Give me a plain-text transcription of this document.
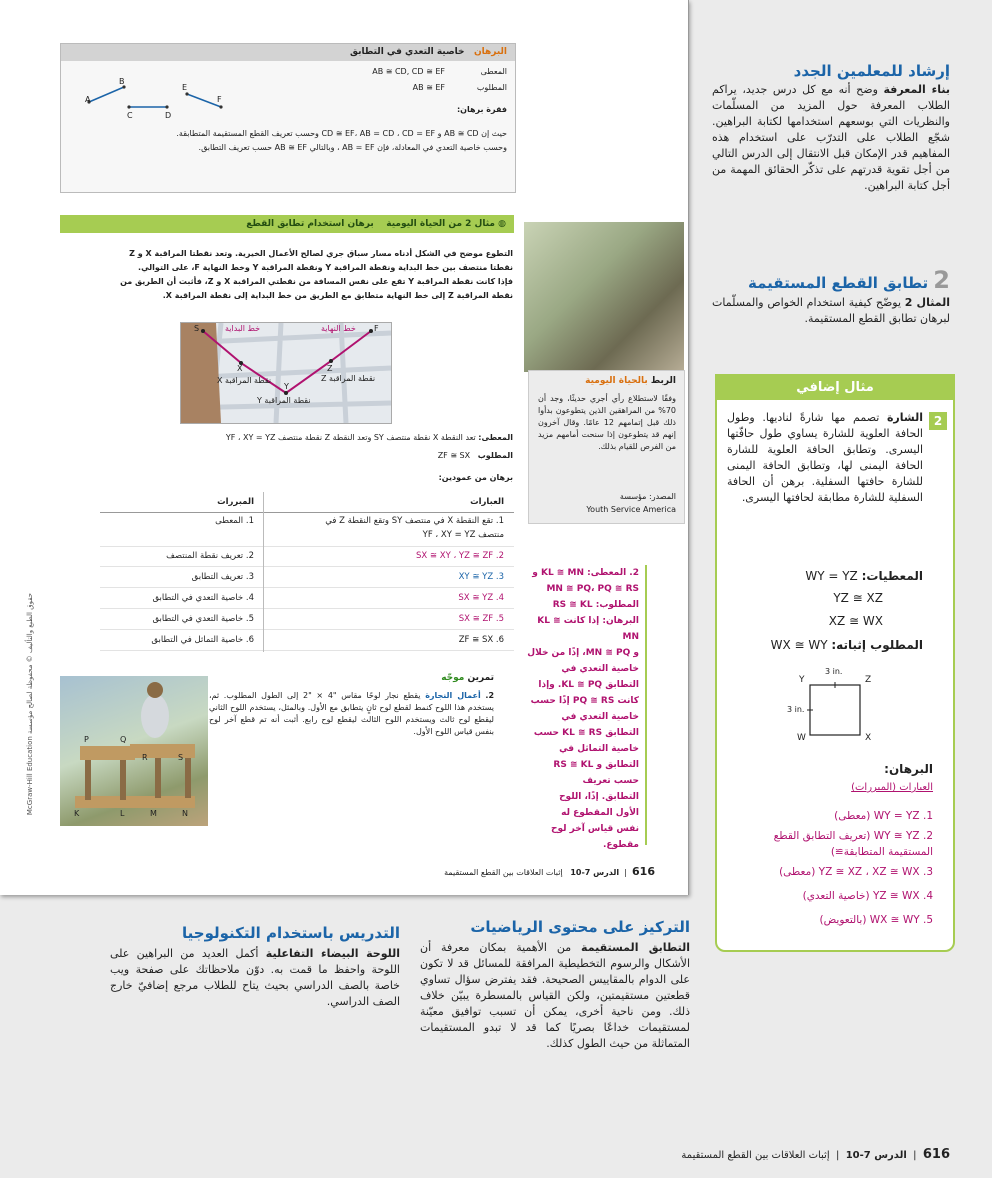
البرهان   خاصية التعدي في التطابق
المعطى
AB ≅ CD, CD ≅ EF
المطلوب
AB ≅ EF
فقرة برهان:
حيث إن AB ≅ CD و CD ≅ EF، AB = CD ، CD = EF وحسب تعريف القطع المستقيمة المتطابقة.
وحسب خاصية التعدي في المعادلة، فإن AB = EF ، وبالتالي AB ≅ EF حسب تعريف التطابق.
A
B
C	D
E
F
◍ مثال 2 من الحياة اليومية    برهان استخدام تطابق القطع
التطوع موضح في الشكل أدناه مسار سباق جري لصالح الأعمال الخيرية. وتعد نقطتا المراقبة X و Z
نقطتا منتصف بين خط البداية ونقطة المراقبة Y ونقطة المراقبة Y وخط النهاية F، على التوالي.
فإذا كانت نقطة المراقبة Y تقع على نفس المسافة من نقطتي المراقبة X و Z، فأثبت أن الطريق من
نقطة المراقبة Z إلى خط النهاية متطابق مع الطريق من خط البداية إلى نقطة المراقبة X.
S	F
X
Y
Z
خط البداية	خط النهاية
نقطة المراقبة X
نقطة المراقبة Y
نقطة المراقبة Z
المعطى: تعد النقطة X نقطة منتصف SY وتعد النقطة Z نقطة منتصف YF ، XY = YZ
المطلوب   ZF ≅ SX
برهان من عمودين:
العبارات
المبررات
1. تقع النقطة X في منتصف SY وتقع النقطة Z في منتصف YF ، XY = YZ
1. المعطى
2. SX ≅ XY ، YZ ≅ ZF
2. تعريف نقطة المنتصف
3. XY ≅ YZ
3. تعريف التطابق
4. SX ≅ YZ
4. خاصية التعدي في التطابق
5. SX ≅ ZF
5. خاصية التعدي في التطابق
6. ZF ≅ SX
6. خاصية التماثل في التطابق
الربط بالحياة اليومية
وفقًا لاستطلاع رأي أجري حديثًا، وجد أن 70% من المراهقين الذين يتطوعون بدأوا ذلك قبل إتمامهم 12 عامًا. وقال آخرون إنهم قد يتطوعون إذا سنحت أمامهم مزيد من الفرص للقيام بذلك.
المصدر: مؤسسة
Youth Service America
2. المعطى: KL ≅ MN و
MN ≅ PQ، PQ ≅ RS
المطلوب: RS ≅ KL
البرهان: إذا كانت KL ≅ MN
و MN ≅ PQ، إذًا من خلال
خاصية التعدي في
التطابق KL ≅ PQ. وإذا
كانت PQ ≅ RS إذًا حسب
خاصية التعدي في
التطابق KL ≅ RS حسب
خاصية التماثل في
التطابق و RS ≅ KL
حسب تعريف
التطابق. إذًا، اللوح
الأول المقطوع له
نفس قياس آخر لوح
مقطوع.
تمرين موجّه
2. أعمال النجارة يقطع نجار لوحًا مقاس "4 × "2 إلى الطول المطلوب. ثم، يستخدم هذا اللوح كنمط لقطع لوح ثانٍ يتطابق مع الأول. وبالمثل، يستخدم اللوح الثاني ليقطع لوح ثالث ويستخدم اللوح الثالث ليقطع لوح رابع. أثبت أنه تم قطع آخر لوح بنفس قياس اللوح الأول.
P	Q
R	S
K	L	M	N
حقوق الطبع والتأليف © محفوظة لصالح مؤسسة McGraw-Hill Education
616  |  الدرس 7-10   إثبات العلاقات بين القطع المستقيمة
إرشاد للمعلمين الجدد
بناء المعرفة وضح أنه مع كل درس جديد، يراكم الطلاب المعرفة حول المزيد من المسلّمات والنظريات التي بوسعهم استخدامها لكتابة البراهين. شجّع الطلاب على التدرّب على استخدام هذه المفاهيم قدر الإمكان قبل الانتقال إلى الدرس التالي من أجل تقوية قدرتهم على تذكّر الحقائق المهمة من أجل كتابة البراهين.
2 تطابق القطع المستقيمة
المثال 2 يوضّح كيفية استخدام الخواص والمسلّمات لبرهان تطابق القطع المستقيمة.
مثال إضافي
2
الشارة تصمم مها شارةً لناديها. وطول الحافة العلوية للشارة يساوي طول حافّتها اليسرى. وتطابق الحافة العلوية للشارة الحافة اليمنى لها، وتطابق الحافة اليمنى للشارة حافتها السفلية. برهن أن الحافة السفلية للشارة مطابقة لحافتها اليسرى.
المعطيات: WY = YZ
YZ ≅ XZ
XZ ≅ WX
المطلوب إثباته: WX ≅ WY
3 in.
3 in.
Y	Z
W	X
البرهان:
العبارات (المبررات)
1. WY = YZ (معطى)
2. WY ≅ YZ (تعريف التطابق القطع المستقيمة المتطابقة≅)
3. YZ ≅ XZ ، XZ ≅ WX (معطى)
4. YZ ≅ WX (خاصية التعدي)
5. WX ≅ WY (بالتعويض)
التركيز على محتوى الرياضيات
التطابق المستقيمة من الأهمية بمكان معرفة أن الأشكال والرسوم التخطيطية المرافقة للمسائل قد لا تكون على الدوام بالمقاييس الصحيحة. فقد يفترض سؤال تساوي قطعتين مستقيمتين، ولكن القياس بالمسطرة يبيّن خلاف ذلك. ومن ناحية أخرى، يمكن أن تسبب توافيق معيّنة لمستقيمات خداعًا بصريًا كما قد لا تبدو المستقيمات المتماثلة من حيث الطول كذلك.
التدريس باستخدام التكنولوجيا
اللوحة البيضاء التفاعلية أكمل العديد من البراهين على اللوحة واحفظ ما قمت به. دوّن ملاحظاتك على صفحة ويب خاصة بالصف الدراسي بحيث يتاح للطلاب مرجع إضافيّ خارج الصف الدراسي.
616  |  الدرس 7-10  |  إثبات العلاقات بين القطع المستقيمة
